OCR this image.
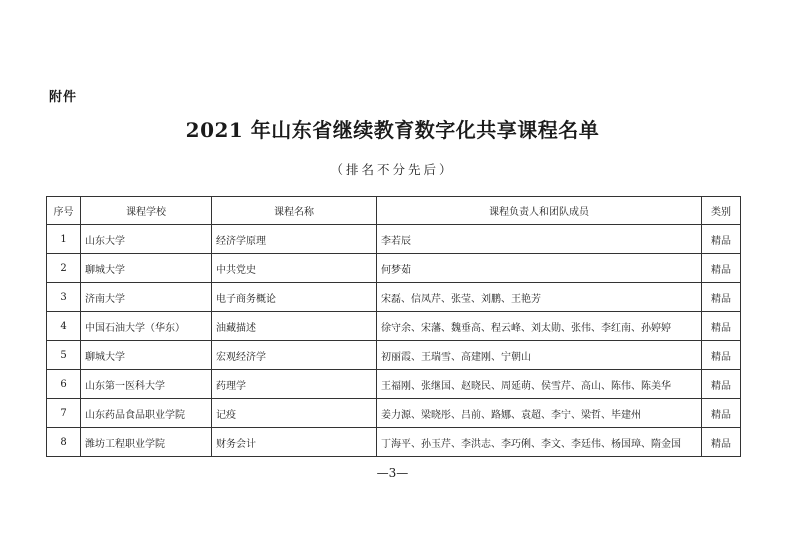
附件
2021 年山东省继续教育数字化共享课程名单
（排名不分先后）
序号	课程学校	课程名称	课程负责人和团队成员	类别
1	山东大学	经济学原理	李若辰	精品
2	聊城大学	中共党史	何梦茹	精品
3	济南大学	电子商务概论	宋磊、信凤芹、张莹、刘鹏、王艳芳	精品
4	中国石油大学（华东）	油藏描述	徐守余、宋藩、魏垂高、程云峰、刘太勋、张伟、李红南、孙婷婷	精品
5	聊城大学	宏观经济学	初丽霞、王瑞雪、高建刚、宁朝山	精品
6	山东第一医科大学	药理学	王福刚、张继国、赵晓民、周延萌、侯雪芹、高山、陈伟、陈美华	精品
7	山东药品食品职业学院	记疫	姜力源、梁晓彤、吕前、路娜、袁超、李宁、梁哲、毕建州	精品
8	潍坊工程职业学院	财务会计	丁海平、孙玉芹、李洪志、李巧俐、李文、李廷伟、杨国璋、隋金国	精品
—3—
